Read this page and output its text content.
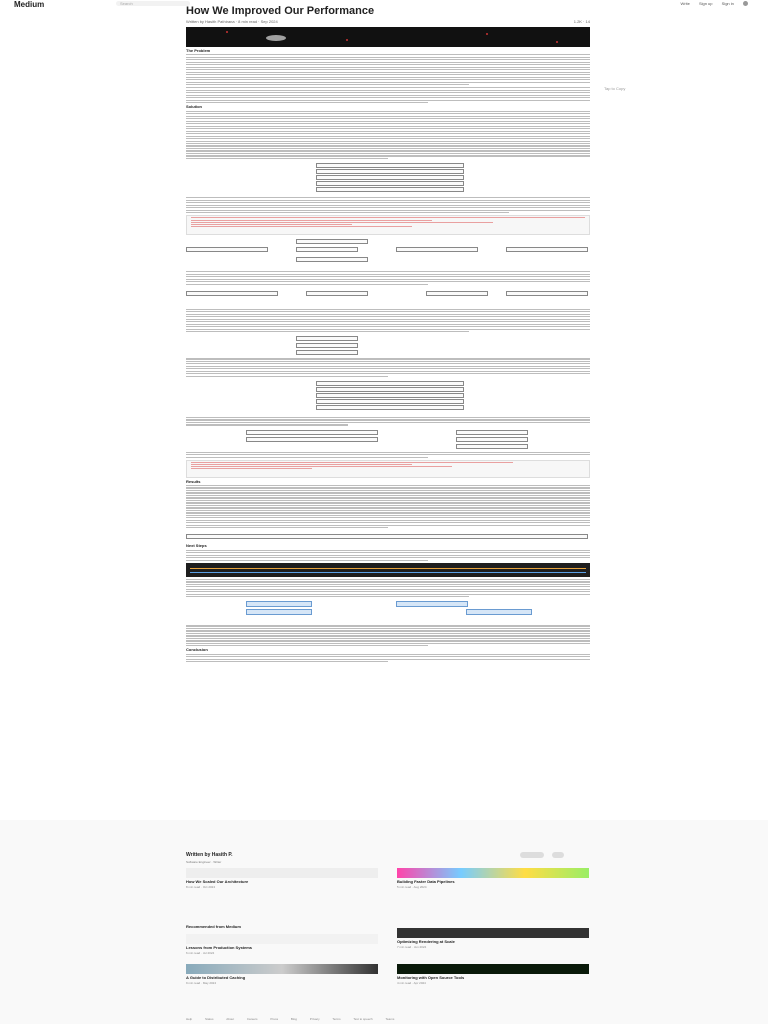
Medium	Search	Write Sign up Sign in
Tap to Copy
How We Improved Our Performance
Written by Hasith Pathirana · 8 min read · Sep 2024	1.2K · 14
The Problem
Solution
Results
Next Steps
Conclusion
Written by Hasith P.
Software Engineer · Writer
How We Scaled Our Architecture
8 min read · Oct 2024
Building Faster Data Pipelines
5 min read · Aug 2024
Recommended from Medium
Lessons from Production Systems
6 min read · Jul 2024
Optimizing Rendering at Scale
7 min read · Jun 2024
A Guide to Distributed Caching
9 min read · May 2024
Monitoring with Open Source Tools
4 min read · Apr 2024
Help	Status	About	Careers	Press	Blog	Privacy	Terms	Text to speech	Teams
